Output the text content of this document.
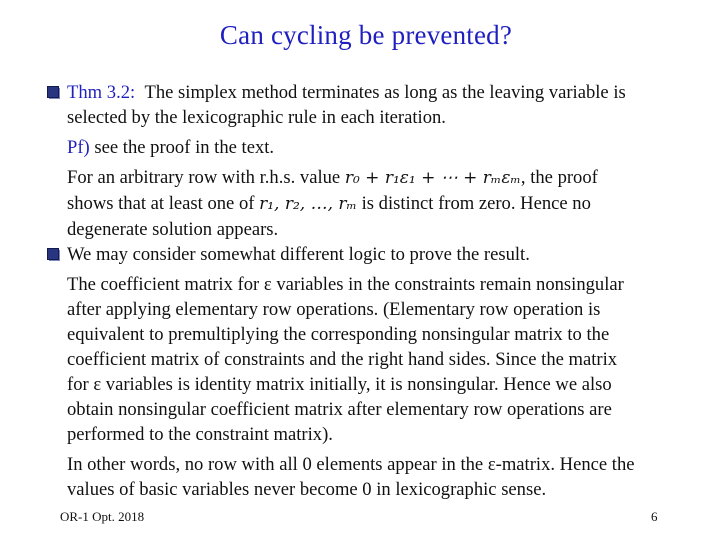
Can cycling be prevented?
Thm 3.2: The simplex method terminates as long as the leaving variable is
selected by the lexicographic rule in each iteration.
Pf) see the proof in the text.
For an arbitrary row with r.h.s. value r₀ + r₁ε₁ + ⋯ + rₘεₘ, the proof
shows that at least one of r₁, r₂, …, rₘ is distinct from zero. Hence no
degenerate solution appears.
We may consider somewhat different logic to prove the result.
The coefficient matrix for ε variables in the constraints remain nonsingular
after applying elementary row operations. (Elementary row operation is
equivalent to premultiplying the corresponding nonsingular matrix to the
coefficient matrix of constraints and the right hand sides. Since the matrix
for ε variables is identity matrix initially, it is nonsingular. Hence we also
obtain nonsingular coefficient matrix after elementary row operations are
performed to the constraint matrix).
In other words, no row with all 0 elements appear in the ε-matrix. Hence the
values of basic variables never become 0 in lexicographic sense.
OR-1 Opt. 2018	6
